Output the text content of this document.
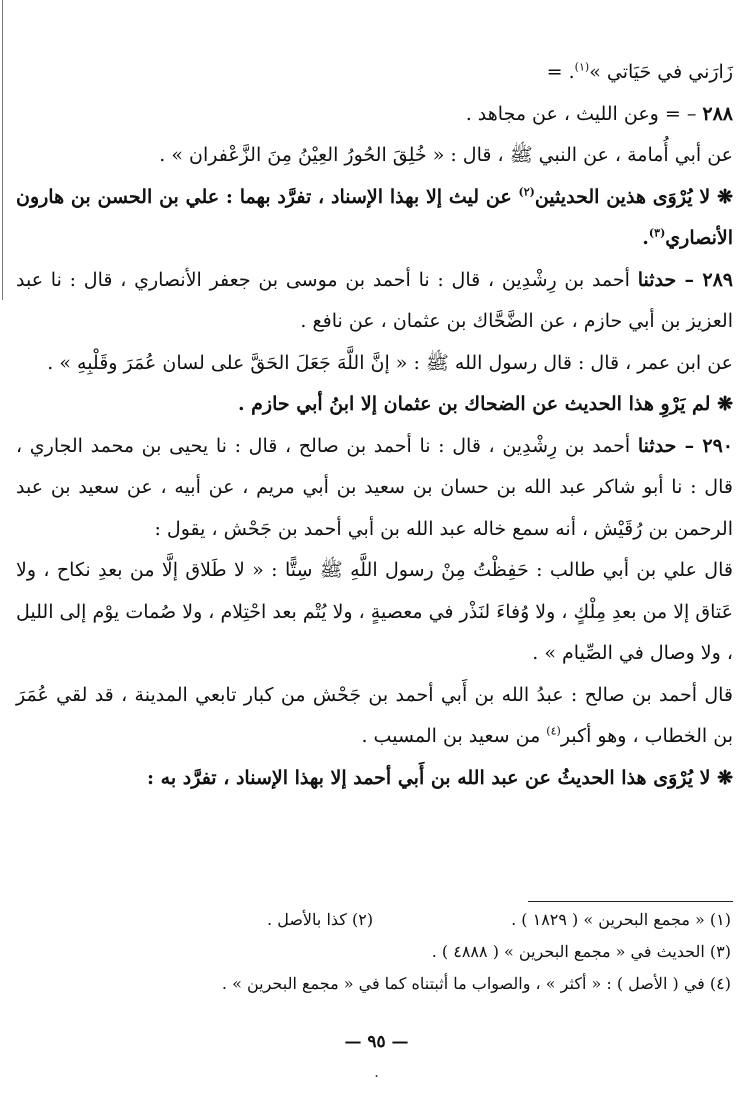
زَارَني في حَيَاتي »$^{(١)}$. =

٢٨٨ – = وعن الليث ، عن مجاهد .

عن أبي أُمامة ، عن النبي ﷺ ، قال : « خُلِقَ الحُورُ العِيْنُ مِنَ الزَّعْفران » .

❋ لا يُرْوَى هذين الحديثين$^{(٢)}$ عن ليث إلا بهذا الإسناد ، تفرَّد بهما : علي بن الحسن بن هارون الأنصاري$^{(٣)}$.

٢٨٩ – حدثنا أحمد بن رِشْدِين ، قال : نا أحمد بن موسى بن جعفر الأنصاري ، قال : نا عبد العزيز بن أبي حازم ، عن الضَّحَّاك بن عثمان ، عن نافع .

عن ابن عمر ، قال : قال رسول الله ﷺ : « إنَّ اللَّهَ جَعَلَ الحَقَّ على لسان عُمَرَ وقَلْبِهِ » .

❋ لم يَرْوِ هذا الحديث عن الضحاك بن عثمان إلا ابنُ أبي حازم .

٢٩٠ – حدثنا أحمد بن رِشْدِين ، قال : نا أحمد بن صالح ، قال : نا يحيى بن محمد الجاري ، قال : نا أبو شاكر عبد الله بن حسان بن سعيد بن أبي مريم ، عن أبيه ، عن سعيد بن عبد الرحمن بن رُقَيْش ، أنه سمع خاله عبد الله بن أبي أحمد بن جَحْش ، يقول :

قال علي بن أبي طالب : حَفِظْتُ مِنْ رسول اللَّهِ ﷺ سِتًّا : « لا طَلاق إلَّا من بعدِ نكاح ، ولا عَتاق إلا من بعدِ مِلْكٍ ، ولا وُفاءَ لنَذْر في معصيةٍ ، ولا يُتْم بعد احْتِلام ، ولا صُمات يوْم إلى الليل ، ولا وصال في الصِّيام » .

قال أحمد بن صالح : عبدُ الله بن أَبي أحمد بن جَحْش من كبار تابعي المدينة ، قد لقي عُمَرَ بن الخطاب ، وهو أكبر$^{(٤)}$ من سعيد بن المسيب .

❋ لا يُرْوَى هذا الحديثُ عن عبد الله بن أَبي أحمد إلا بهذا الإسناد ، تفرَّد به :

(١) « مجمع البحرين » ( ١٨٢٩ ) .
(٢) كذا بالأصل .
(٣) الحديث في « مجمع البحرين » ( ٤٨٨٨ ) .
(٤) في ( الأصل ) : « أكثر » ، والصواب ما أثبتناه كما في « مجمع البحرين » .
— ٩٥ —
٠
